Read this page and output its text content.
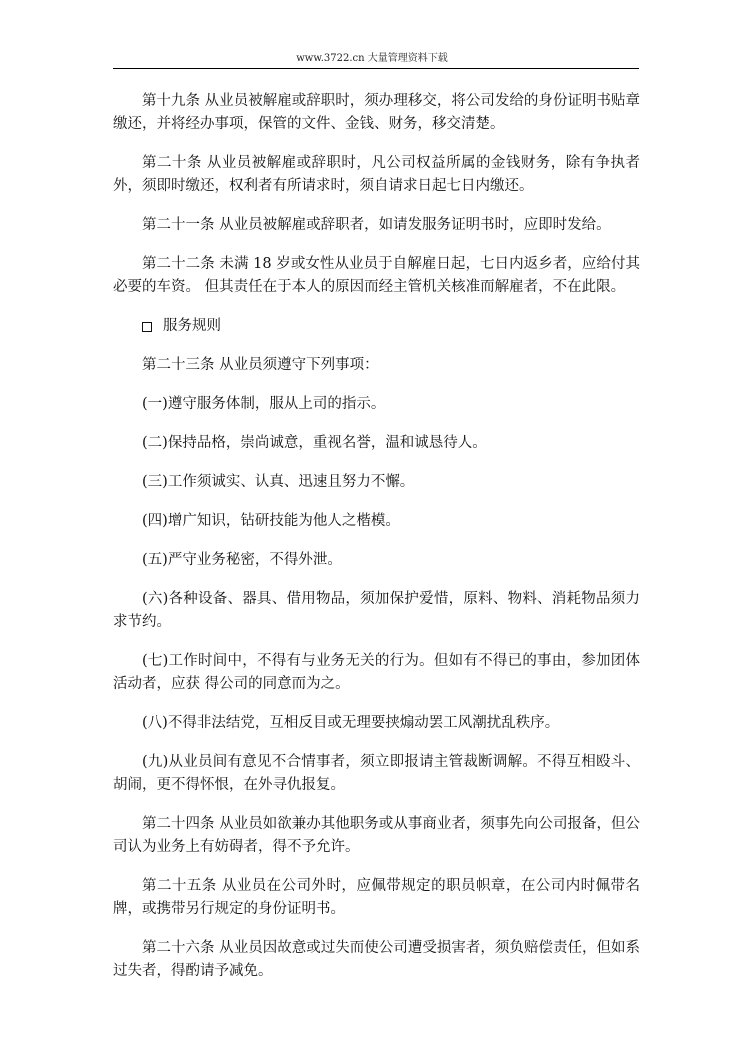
www.3722.cn 大量管理资料下载

第十九条 从业员被解雇或辞职时，须办理移交，将公司发给的身份证明书贴章缴还，并将经办事项，保管的文件、金钱、财务，移交清楚。

第二十条 从业员被解雇或辞职时，凡公司权益所属的金钱财务，除有争执者外，须即时缴还，权利者有所请求时，须自请求日起七日内缴还。

第二十一条 从业员被解雇或辞职者，如请发服务证明书时，应即时发给。

第二十二条 未满 18 岁或女性从业员于自解雇日起，七日内返乡者，应给付其必要的车资。 但其责任在于本人的原因而经主管机关核准而解雇者，不在此限。

服务规则

第二十三条 从业员须遵守下列事项：

(一)遵守服务体制，服从上司的指示。

(二)保持品格，崇尚诚意，重视名誉，温和诚恳待人。

(三)工作须诚实、认真、迅速且努力不懈。

(四)增广知识，钻研技能为他人之楷模。

(五)严守业务秘密，不得外泄。

(六)各种设备、器具、借用物品，须加保护爱惜，原料、物料、消耗物品须力求节约。

(七)工作时间中，不得有与业务无关的行为。但如有不得已的事由，参加团体活动者，应获 得公司的同意而为之。

(八)不得非法结党，互相反目或无理要挟煽动罢工风潮扰乱秩序。

(九)从业员间有意见不合情事者，须立即报请主管裁断调解。不得互相殴斗、胡闹，更不得怀恨，在外寻仇报复。

第二十四条 从业员如欲兼办其他职务或从事商业者，须事先向公司报备，但公司认为业务上有妨碍者，得不予允许。

第二十五条 从业员在公司外时，应佩带规定的职员帜章，在公司内时佩带名牌，或携带另行规定的身份证明书。

第二十六条 从业员因故意或过失而使公司遭受损害者，须负赔偿责任，但如系过失者，得酌请予减免。
